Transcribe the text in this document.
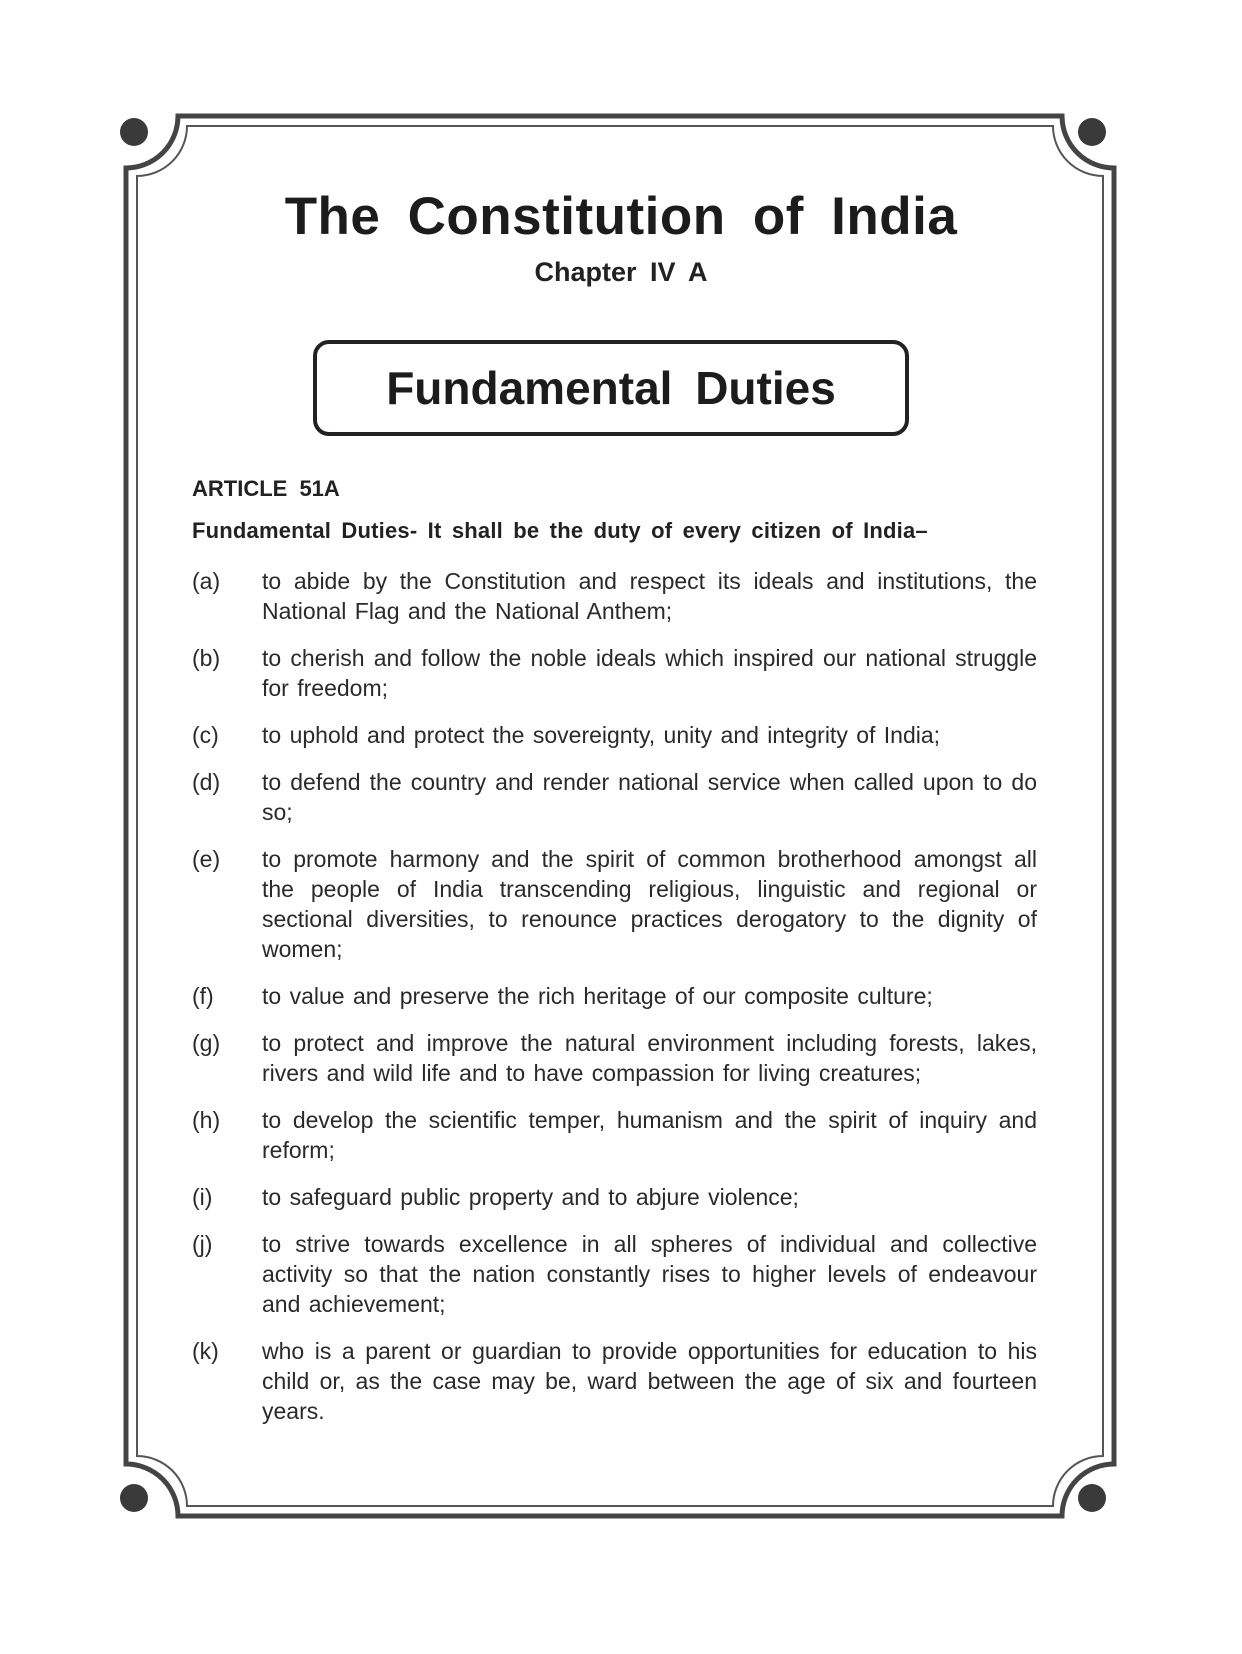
The Constitution of India
Chapter IV A
Fundamental Duties
ARTICLE 51A
Fundamental Duties- It shall be the duty of every citizen of India–
(a)	to abide by the Constitution and respect its ideals and institutions, the National Flag and the National Anthem;
(b)	to cherish and follow the noble ideals which inspired our national struggle for freedom;
(c)	to uphold and protect the sovereignty, unity and integrity of India;
(d)	to defend the country and render national service when called upon to do so;
(e)	to promote harmony and the spirit of common brotherhood amongst all the people of India transcending religious, linguistic and regional or sectional diversities, to renounce practices derogatory to the dignity of women;
(f)	to value and preserve the rich heritage of our composite culture;
(g)	to protect and improve the natural environment including forests, lakes, rivers and wild life and to have compassion for living creatures;
(h)	to develop the scientific temper, humanism and the spirit of inquiry and reform;
(i)	to safeguard public property and to abjure violence;
(j)	to strive towards excellence in all spheres of individual and collective activity so that the nation constantly rises to higher levels of endeavour and achievement;
(k)	who is a parent or guardian to provide opportunities for education to his child or, as the case may be, ward between the age of six and fourteen years.
